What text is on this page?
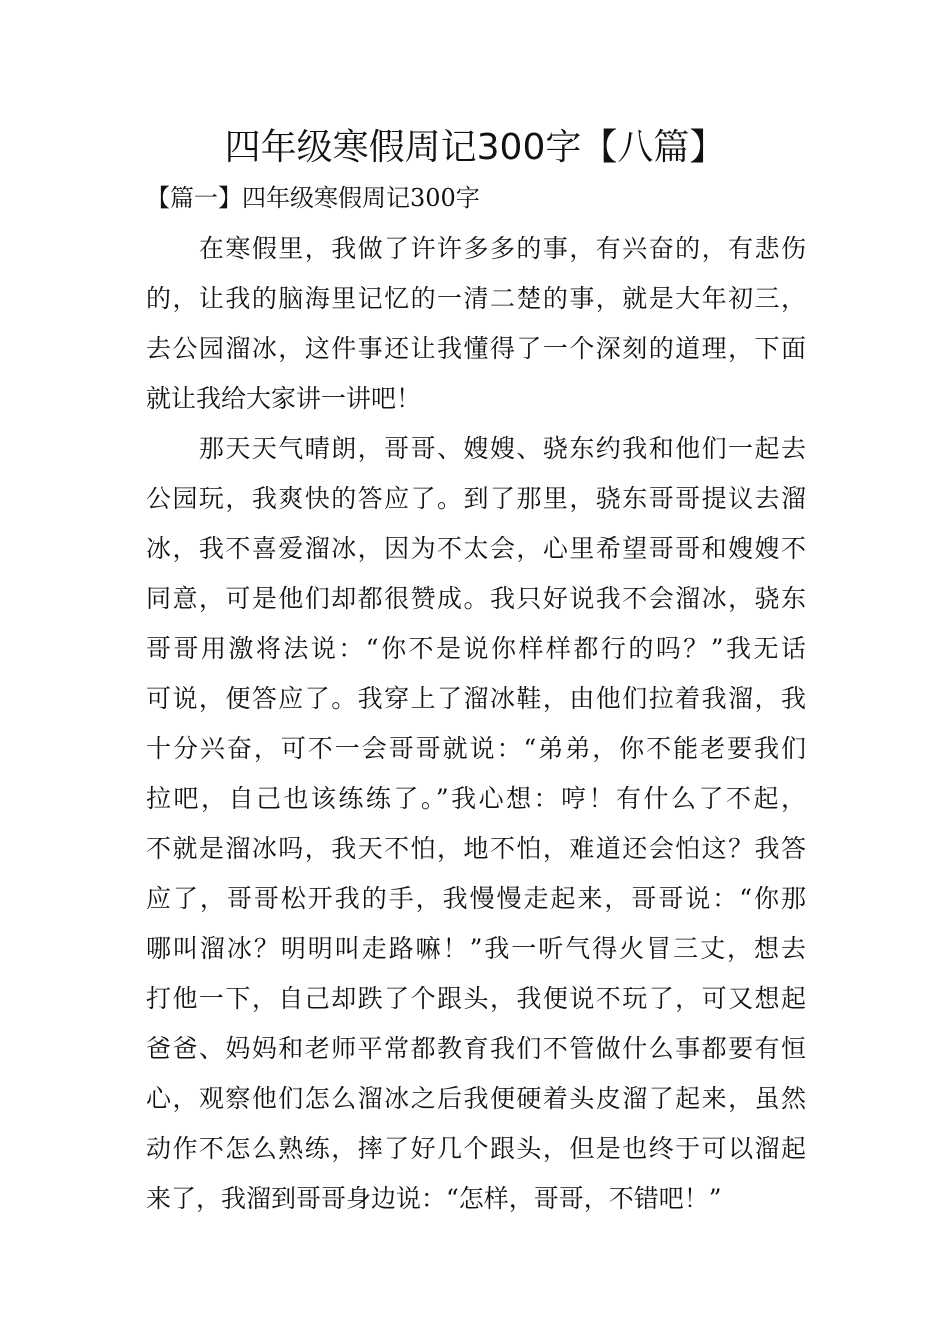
四年级寒假周记300字【八篇】
【篇一】四年级寒假周记300字
　　在寒假里，我做了许许多多的事，有兴奋的，有悲伤
的，让我的脑海里记忆的一清二楚的事，就是大年初三，
去公园溜冰，这件事还让我懂得了一个深刻的道理，下面
就让我给大家讲一讲吧！
　　那天天气晴朗，哥哥、嫂嫂、骁东约我和他们一起去
公园玩，我爽快的答应了。到了那里，骁东哥哥提议去溜
冰，我不喜爱溜冰，因为不太会，心里希望哥哥和嫂嫂不
同意，可是他们却都很赞成。我只好说我不会溜冰，骁东
哥哥用激将法说：“你不是说你样样都行的吗？”我无话
可说，便答应了。我穿上了溜冰鞋，由他们拉着我溜，我
十分兴奋，可不一会哥哥就说：“弟弟，你不能老要我们
拉吧，自己也该练练了。”我心想：哼！有什么了不起，
不就是溜冰吗，我天不怕，地不怕，难道还会怕这？我答
应了，哥哥松开我的手，我慢慢走起来，哥哥说：“你那
哪叫溜冰？明明叫走路嘛！”我一听气得火冒三丈，想去
打他一下，自己却跌了个跟头，我便说不玩了，可又想起
爸爸、妈妈和老师平常都教育我们不管做什么事都要有恒
心，观察他们怎么溜冰之后我便硬着头皮溜了起来，虽然
动作不怎么熟练，摔了好几个跟头，但是也终于可以溜起
来了，我溜到哥哥身边说：“怎样，哥哥，不错吧！”
